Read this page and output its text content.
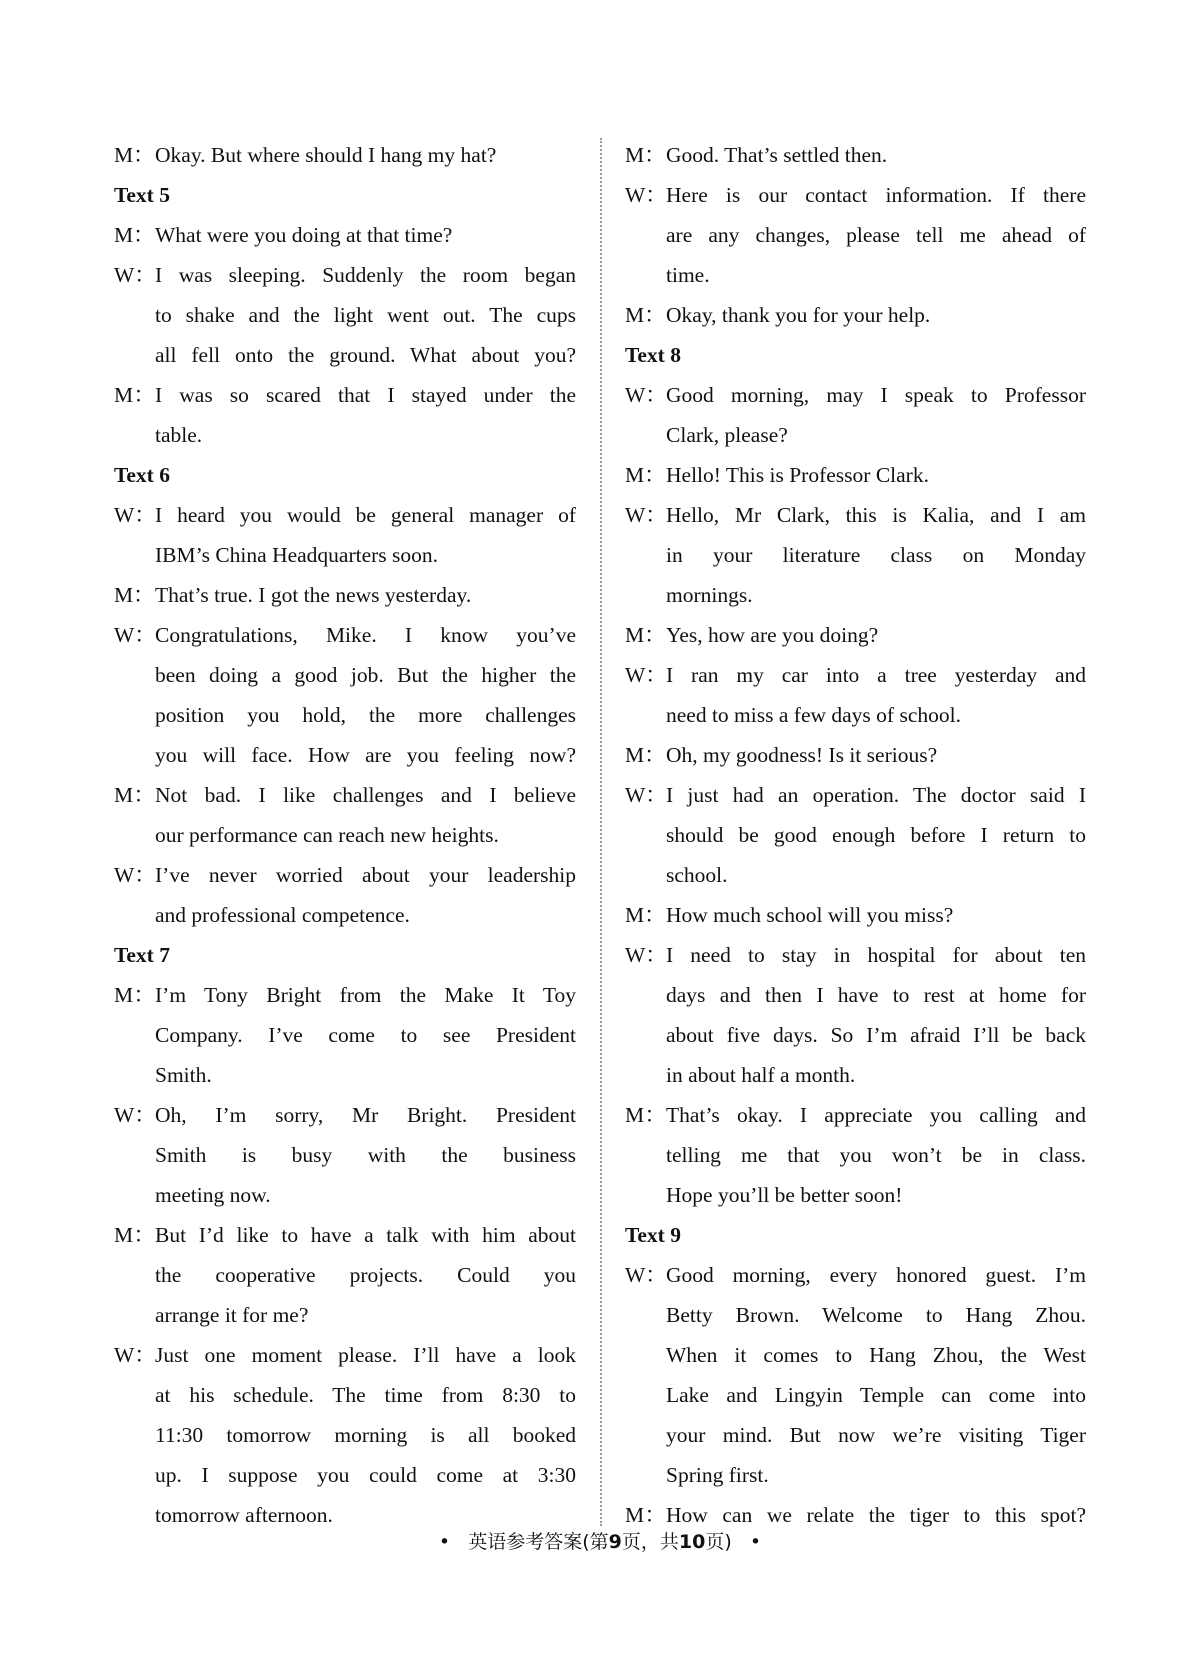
M：Okay. But where should I hang my hat?
Text 5
M：What were you doing at that time?
W：I was sleeping. Suddenly the room began
to shake and the light went out. The cups
all fell onto the ground. What about you?
M：I was so scared that I stayed under the
table.
Text 6
W：I heard you would be general manager of
IBM’s China Headquarters soon.
M：That’s true. I got the news yesterday.
W：Congratulations, Mike. I know you’ve
been doing a good job. But the higher the
position you hold, the more challenges
you will face. How are you feeling now?
M：Not bad. I like challenges and I believe
our performance can reach new heights.
W：I’ve never worried about your leadership
and professional competence.
Text 7
M：I’m Tony Bright from the Make It Toy
Company. I’ve come to see President
Smith.
W：Oh, I’m sorry, Mr Bright. President
Smith is busy with the business
meeting now.
M：But I’d like to have a talk with him about
the cooperative projects. Could you
arrange it for me?
W：Just one moment please. I’ll have a look
at his schedule. The time from 8:30 to
11:30 tomorrow morning is all booked
up. I suppose you could come at 3:30
tomorrow afternoon.
M：Good. That’s settled then.
W：Here is our contact information. If there
are any changes, please tell me ahead of
time.
M：Okay, thank you for your help.
Text 8
W：Good morning, may I speak to Professor
Clark, please?
M：Hello! This is Professor Clark.
W：Hello, Mr Clark, this is Kalia, and I am
in your literature class on Monday
mornings.
M：Yes, how are you doing?
W：I ran my car into a tree yesterday and
need to miss a few days of school.
M：Oh, my goodness! Is it serious?
W：I just had an operation. The doctor said I
should be good enough before I return to
school.
M：How much school will you miss?
W：I need to stay in hospital for about ten
days and then I have to rest at home for
about five days. So I’m afraid I’ll be back
in about half a month.
M：That’s okay. I appreciate you calling and
telling me that you won’t be in class.
Hope you’ll be better soon!
Text 9
W：Good morning, every honored guest. I’m
Betty Brown. Welcome to Hang Zhou.
When it comes to Hang Zhou, the West
Lake and Lingyin Temple can come into
your mind. But now we’re visiting Tiger
Spring first.
M：How can we relate the tiger to this spot?
• 英语参考答案(第9页，共10页) •
